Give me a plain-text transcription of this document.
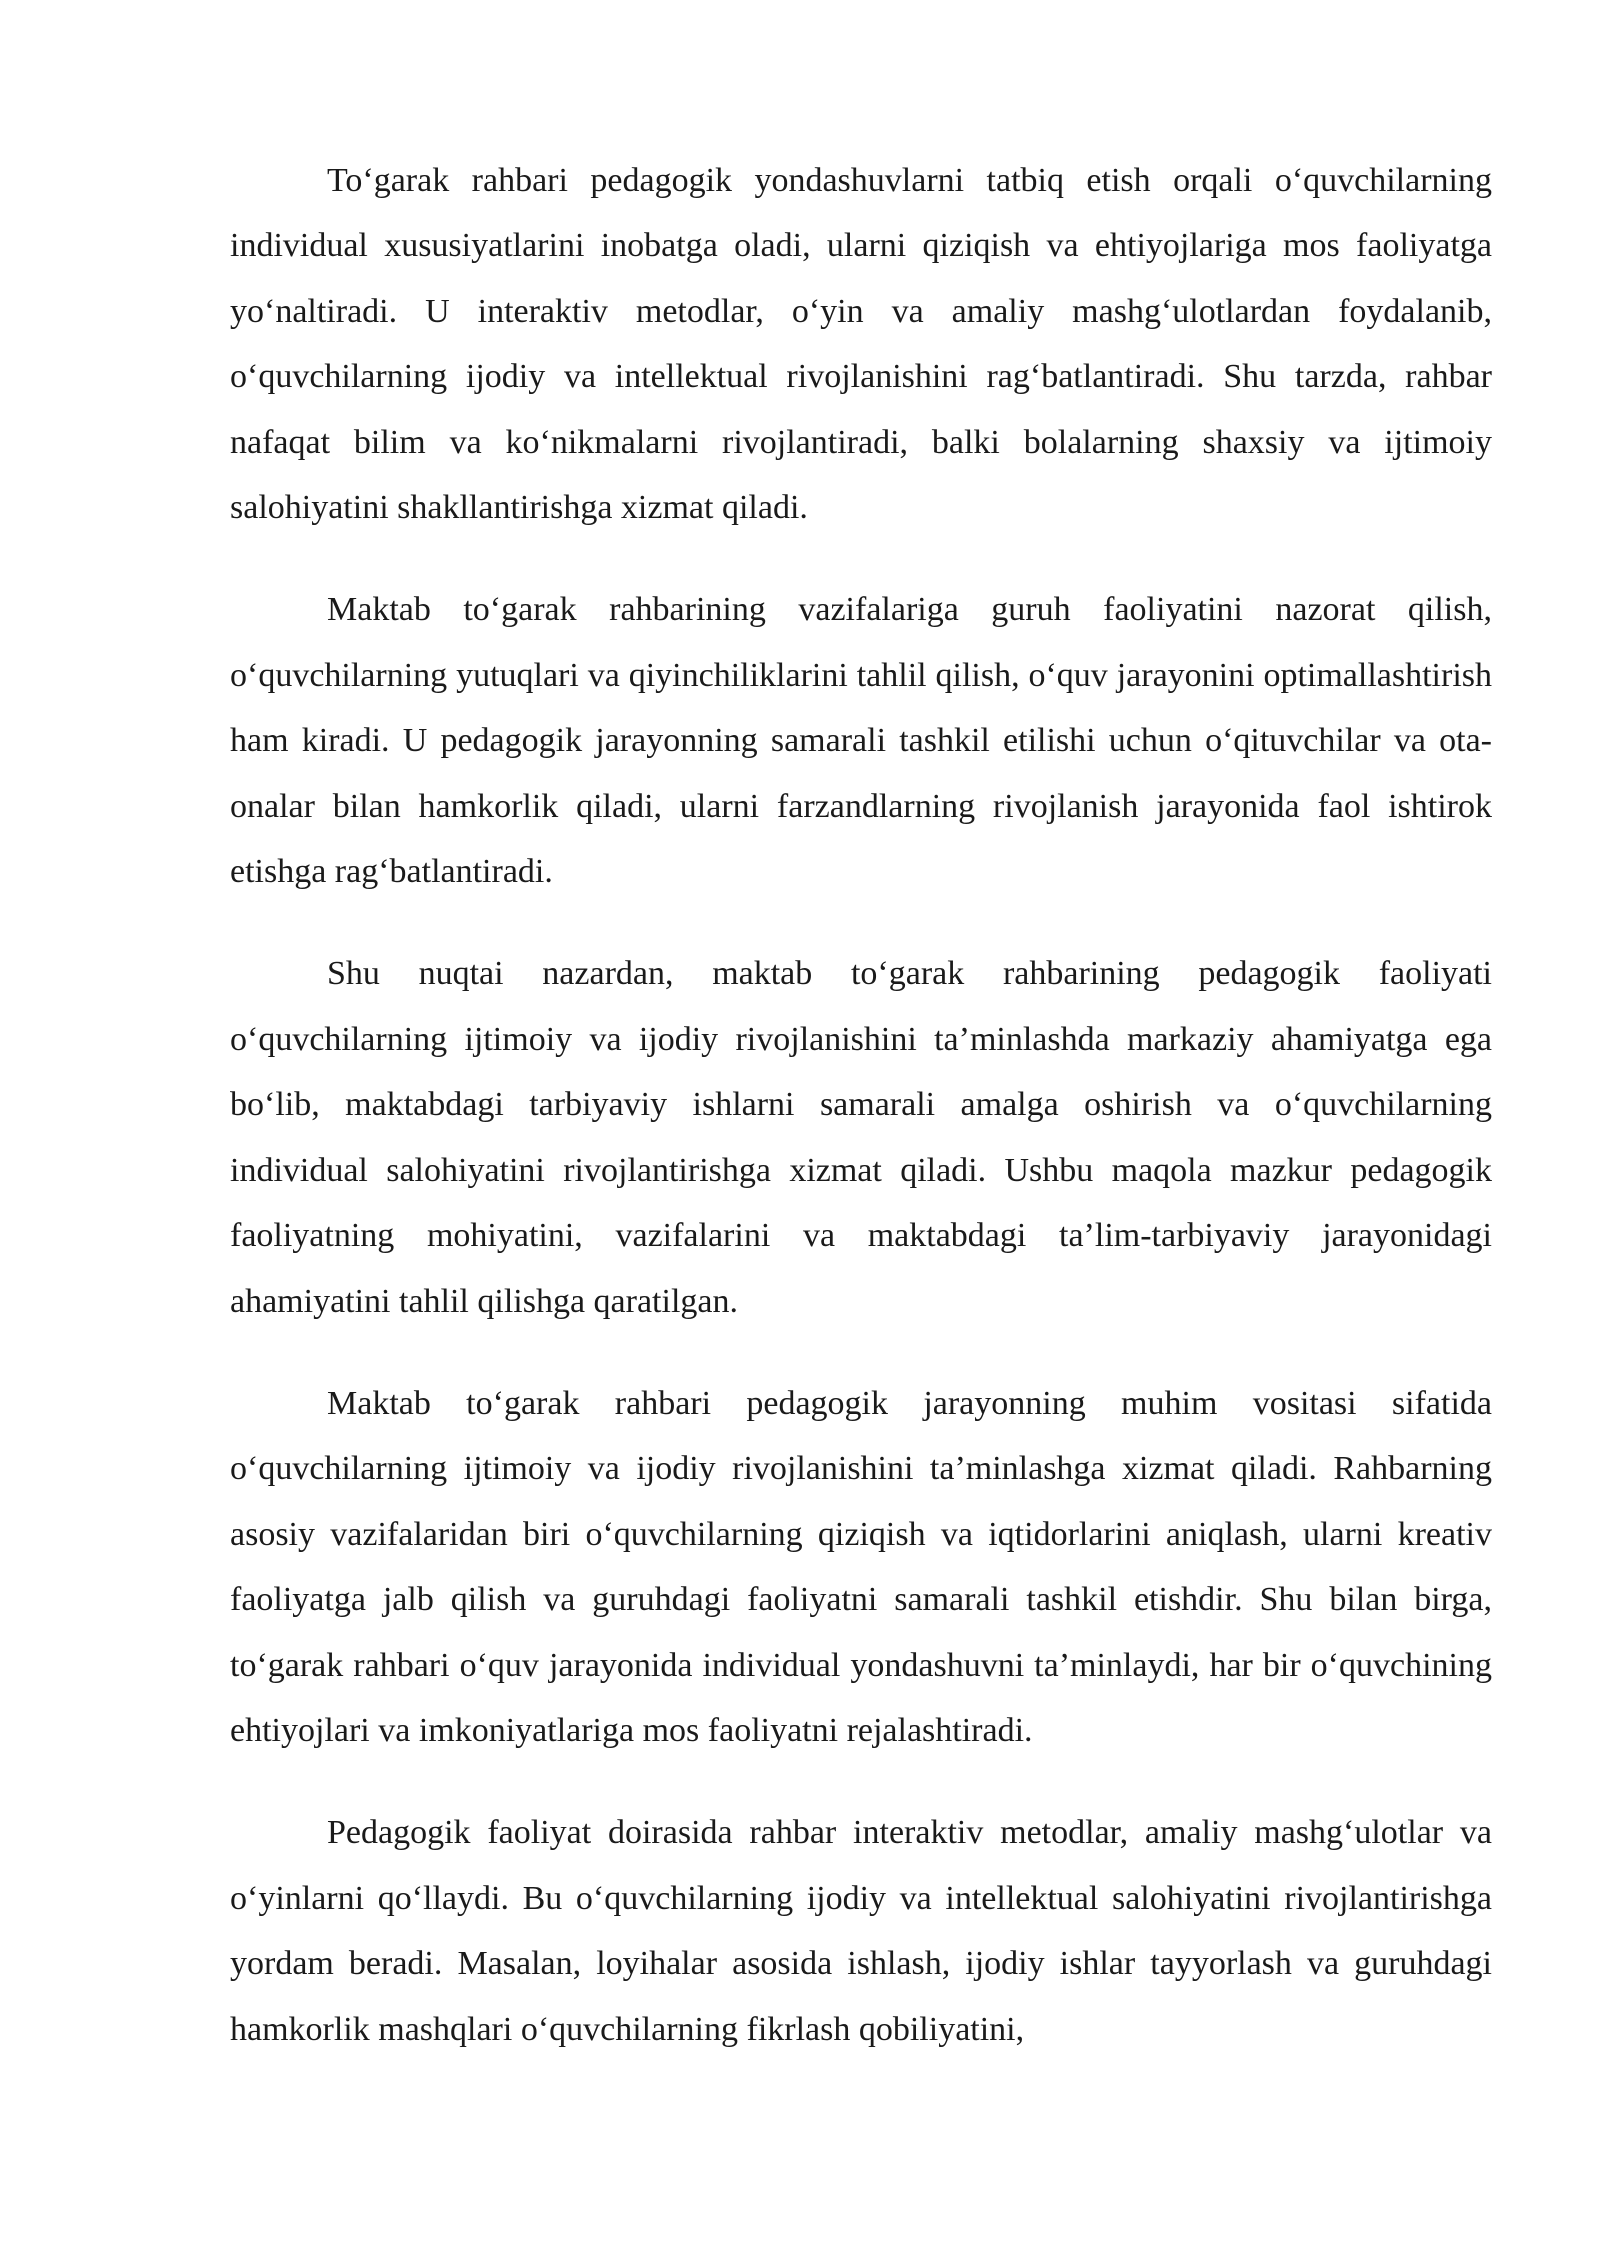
To‘garak rahbari pedagogik yondashuvlarni tatbiq etish orqali o‘quvchilarning individual xususiyatlarini inobatga oladi, ularni qiziqish va ehtiyojlariga mos faoliyatga yo‘naltiradi. U interaktiv metodlar, o‘yin va amaliy mashg‘ulotlardan foydalanib, o‘quvchilarning ijodiy va intellektual rivojlanishini rag‘batlantiradi. Shu tarzda, rahbar nafaqat bilim va ko‘nikmalarni rivojlantiradi, balki bolalarning shaxsiy va ijtimoiy salohiyatini shakllantirishga xizmat qiladi.

Maktab to‘garak rahbarining vazifalariga guruh faoliyatini nazorat qilish, o‘quvchilarning yutuqlari va qiyinchiliklarini tahlil qilish, o‘quv jarayonini optimallashtirish ham kiradi. U pedagogik jarayonning samarali tashkil etilishi uchun o‘qituvchilar va ota-onalar bilan hamkorlik qiladi, ularni farzandlarning rivojlanish jarayonida faol ishtirok etishga rag‘batlantiradi.

Shu nuqtai nazardan, maktab to‘garak rahbarining pedagogik faoliyati o‘quvchilarning ijtimoiy va ijodiy rivojlanishini ta’minlashda markaziy ahamiyatga ega bo‘lib, maktabdagi tarbiyaviy ishlarni samarali amalga oshirish va o‘quvchilarning individual salohiyatini rivojlantirishga xizmat qiladi. Ushbu maqola mazkur pedagogik faoliyatning mohiyatini, vazifalarini va maktabdagi ta’lim-tarbiyaviy jarayonidagi ahamiyatini tahlil qilishga qaratilgan.

Maktab to‘garak rahbari pedagogik jarayonning muhim vositasi sifatida o‘quvchilarning ijtimoiy va ijodiy rivojlanishini ta’minlashga xizmat qiladi. Rahbarning asosiy vazifalaridan biri o‘quvchilarning qiziqish va iqtidorlarini aniqlash, ularni kreativ faoliyatga jalb qilish va guruhdagi faoliyatni samarali tashkil etishdir. Shu bilan birga, to‘garak rahbari o‘quv jarayonida individual yondashuvni ta’minlaydi, har bir o‘quvchining ehtiyojlari va imkoniyatlariga mos faoliyatni rejalashtiradi.

Pedagogik faoliyat doirasida rahbar interaktiv metodlar, amaliy mashg‘ulotlar va o‘yinlarni qo‘llaydi. Bu o‘quvchilarning ijodiy va intellektual salohiyatini rivojlantirishga yordam beradi. Masalan, loyihalar asosida ishlash, ijodiy ishlar tayyorlash va guruhdagi hamkorlik mashqlari o‘quvchilarning fikrlash qobiliyatini,
